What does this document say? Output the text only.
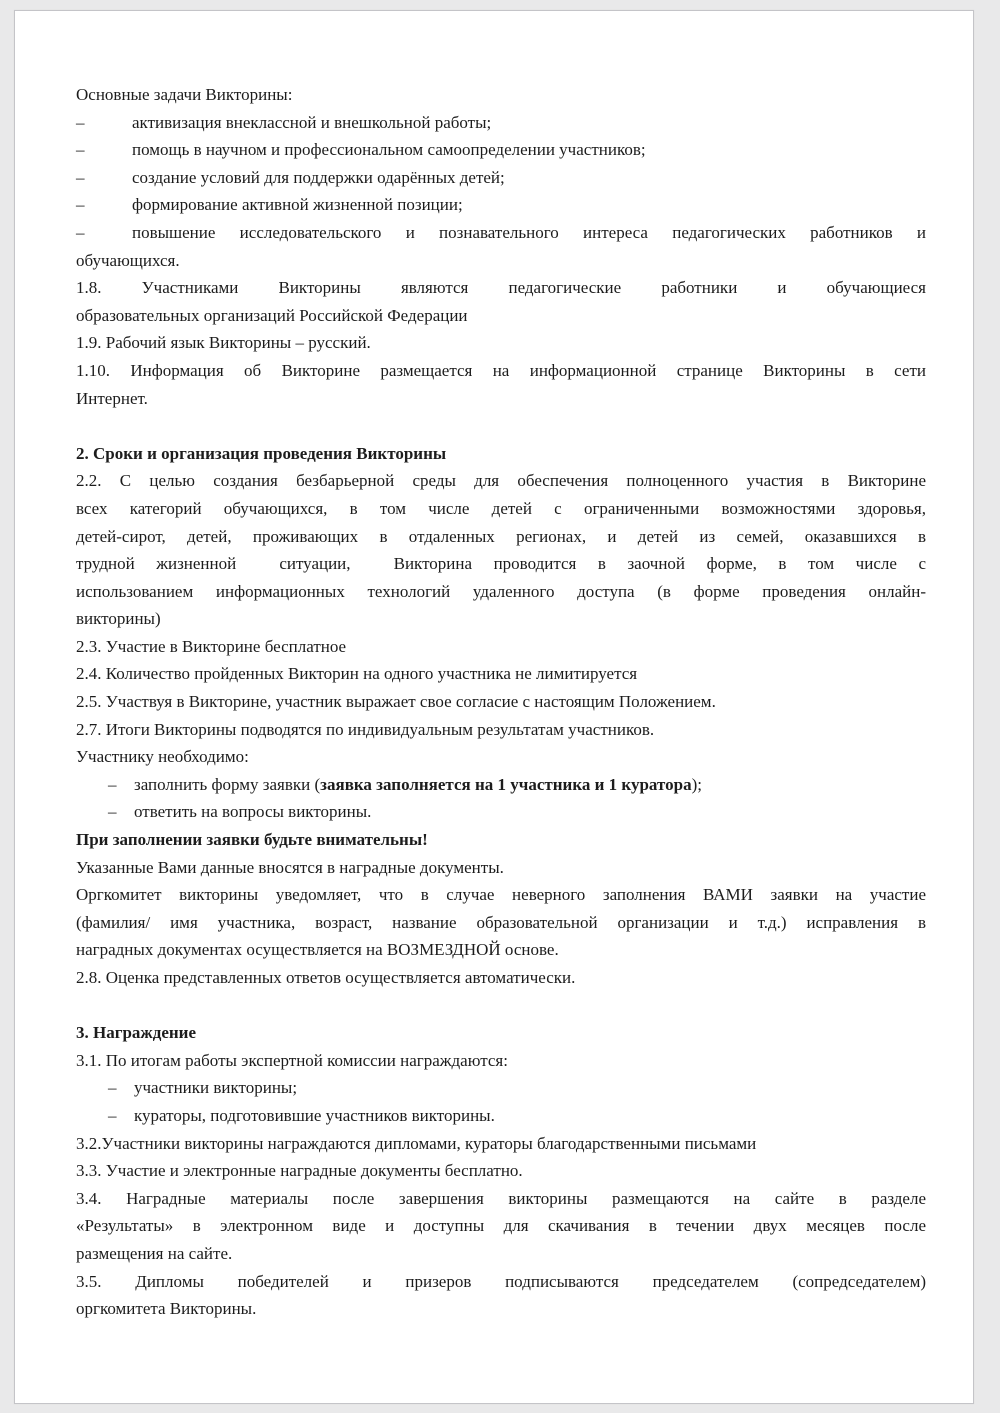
Основные задачи Викторины:

–	активизация внеклассной и внешкольной работы;
–	помощь в научном и профессиональном самоопределении участников;
–	создание условий для поддержки одарённых детей;
–	формирование активной жизненной позиции;
–	повышение исследовательского и познавательного интереса педагогических работников и

обучающихся.

1.8. Участниками Викторины являются педагогические работники и обучающиеся

образовательных организаций Российской Федерации

1.9. Рабочий язык Викторины – русский.

1.10. Информация об Викторине размещается на информационной странице Викторины в сети

Интернет.

2. Сроки и организация проведения Викторины

2.2. С целью создания безбарьерной среды для обеспечения полноценного участия в Викторине

всех категорий обучающихся, в том числе детей с ограниченными возможностями здоровья,

детей-сирот, детей, проживающих в отдаленных регионах, и детей из семей, оказавшихся в

трудной жизненной  ситуации,  Викторина проводится в заочной форме, в том числе с

использованием информационных технологий удаленного доступа (в форме проведения онлайн-

викторины)

2.3. Участие в Викторине бесплатное

2.4. Количество пройденных Викторин на одного участника не лимитируется

2.5. Участвуя в Викторине, участник выражает свое согласие с настоящим Положением.

2.7. Итоги Викторины подводятся по индивидуальным результатам участников.

Участнику необходимо:

–	заполнить форму заявки (заявка заполняется на 1 участника и 1 куратора);
–	ответить на вопросы викторины.

При заполнении заявки будьте внимательны!

Указанные Вами данные вносятся в наградные документы.

Оргкомитет викторины уведомляет, что в случае неверного заполнения ВАМИ заявки на участие

(фамилия/ имя участника, возраст, название образовательной организации и т.д.) исправления в

наградных документах осуществляется на ВОЗМЕЗДНОЙ основе.

2.8. Оценка представленных ответов осуществляется автоматически.

3. Награждение

3.1. По итогам работы экспертной комиссии награждаются:

–	участники викторины;
–	кураторы, подготовившие участников викторины.

3.2.Участники викторины награждаются дипломами, кураторы благодарственными письмами

3.3. Участие и электронные наградные документы бесплатно.

3.4. Наградные материалы после завершения викторины размещаются на сайте в разделе

«Результаты» в электронном виде и доступны для скачивания в течении двух месяцев после

размещения на сайте.

3.5. Дипломы победителей и призеров подписываются председателем (сопредседателем)

оргкомитета Викторины.
